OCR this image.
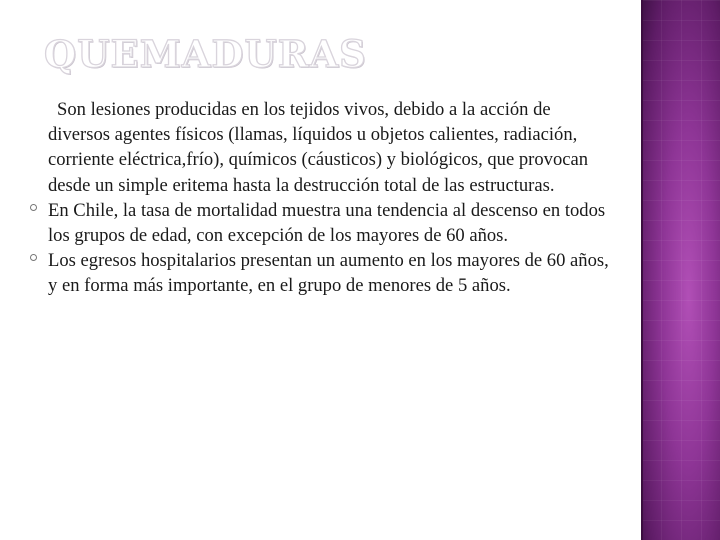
QUEMADURAS

Son lesiones producidas en los tejidos vivos, debido a la acción de diversos agentes físicos (llamas, líquidos u objetos calientes, radiación, corriente eléctrica,frío), químicos (cáusticos) y biológicos, que provocan desde un simple eritema hasta la destrucción total de las estructuras.

En Chile, la tasa de mortalidad muestra una tendencia al descenso en todos los grupos de edad, con excepción de los mayores de 60 años.

Los egresos hospitalarios presentan un aumento en los mayores de 60 años, y en forma más importante, en el grupo de menores de 5 años.
